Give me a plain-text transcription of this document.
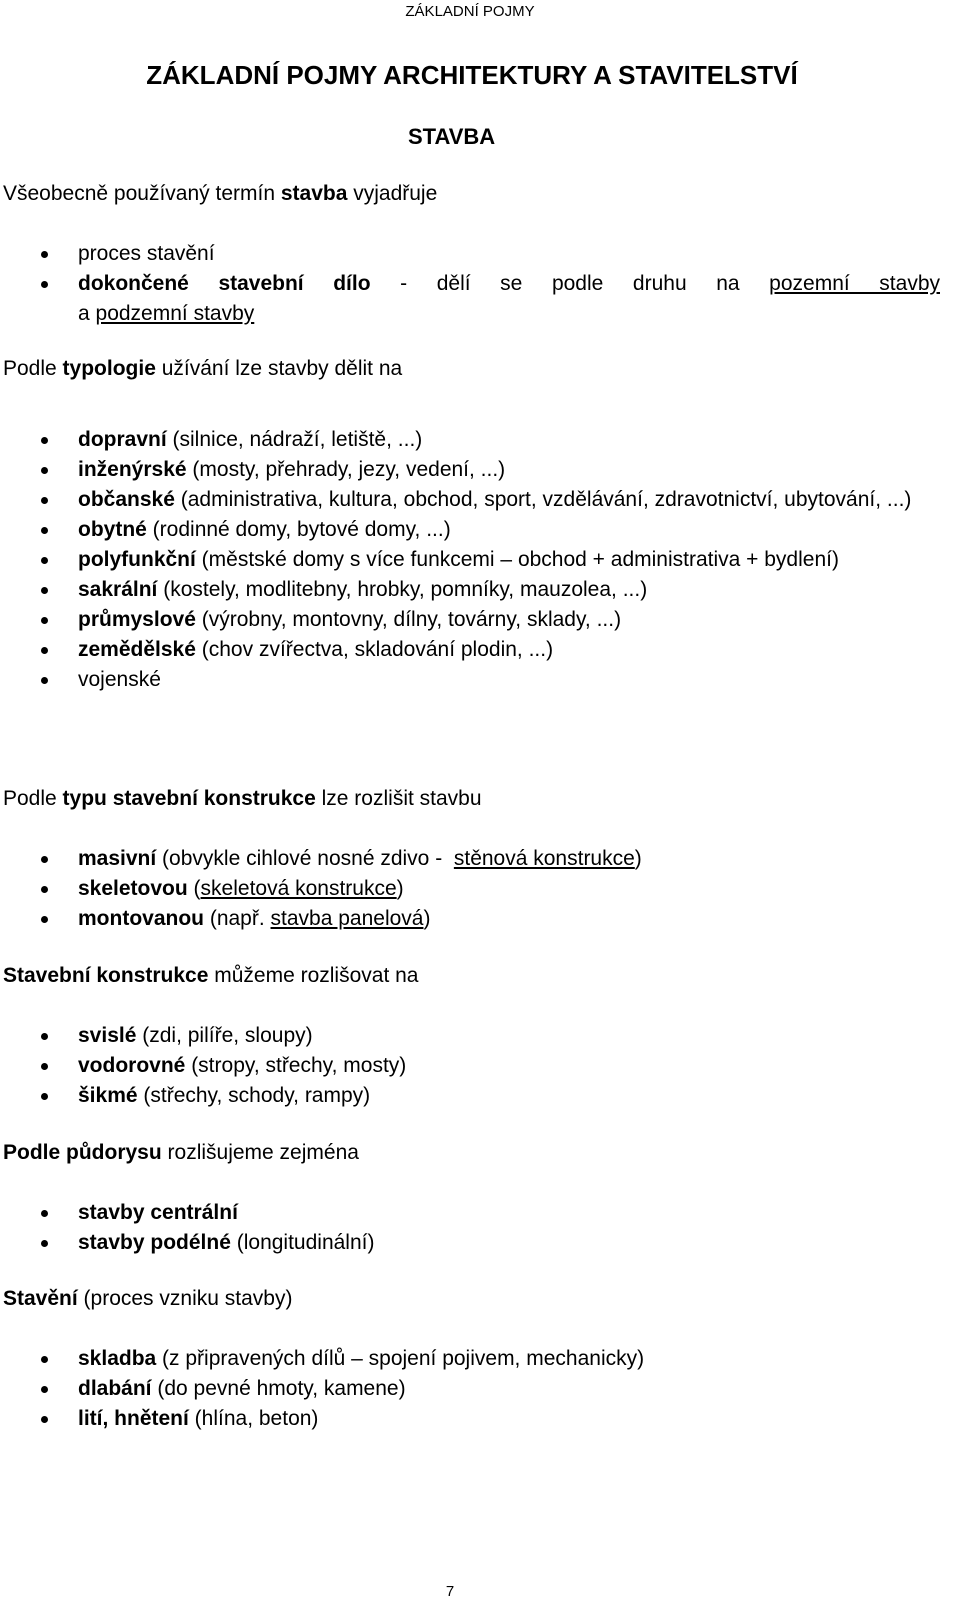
ZÁKLADNÍ POJMY
ZÁKLADNÍ POJMY ARCHITEKTURY A STAVITELSTVÍ
STAVBA

Všeobecně používaný termín stavba vyjadřuje

proces stavění
dokončené stavební dílo - dělí se podle druhu na pozemní stavby
a podzemní stavby

Podle typologie užívání lze stavby dělit na

dopravní (silnice, nádraží, letiště, ...)
inženýrské (mosty, přehrady, jezy, vedení, ...)
občanské (administrativa, kultura, obchod, sport, vzdělávání, zdravotnictví, ubytování, ...)
obytné (rodinné domy, bytové domy, ...)
polyfunkční (městské domy s více funkcemi – obchod + administrativa + bydlení)
sakrální (kostely, modlitebny, hrobky, pomníky, mauzolea, ...)
průmyslové (výrobny, montovny, dílny, továrny, sklady, ...)
zemědělské (chov zvířectva, skladování plodin, ...)
vojenské

Podle typu stavební konstrukce lze rozlišit stavbu

masivní (obvykle cihlové nosné zdivo -  stěnová konstrukce)
skeletovou (skeletová konstrukce)
montovanou (např. stavba panelová)

Stavební konstrukce můžeme rozlišovat na

svislé (zdi, pilíře, sloupy)
vodorovné (stropy, střechy, mosty)
šikmé (střechy, schody, rampy)

Podle půdorysu rozlišujeme zejména

stavby centrální
stavby podélné (longitudinální)

Stavění (proces vzniku stavby)

skladba (z připravených dílů – spojení pojivem, mechanicky)
dlabání (do pevné hmoty, kamene)
lití, hnětení (hlína, beton)
7
